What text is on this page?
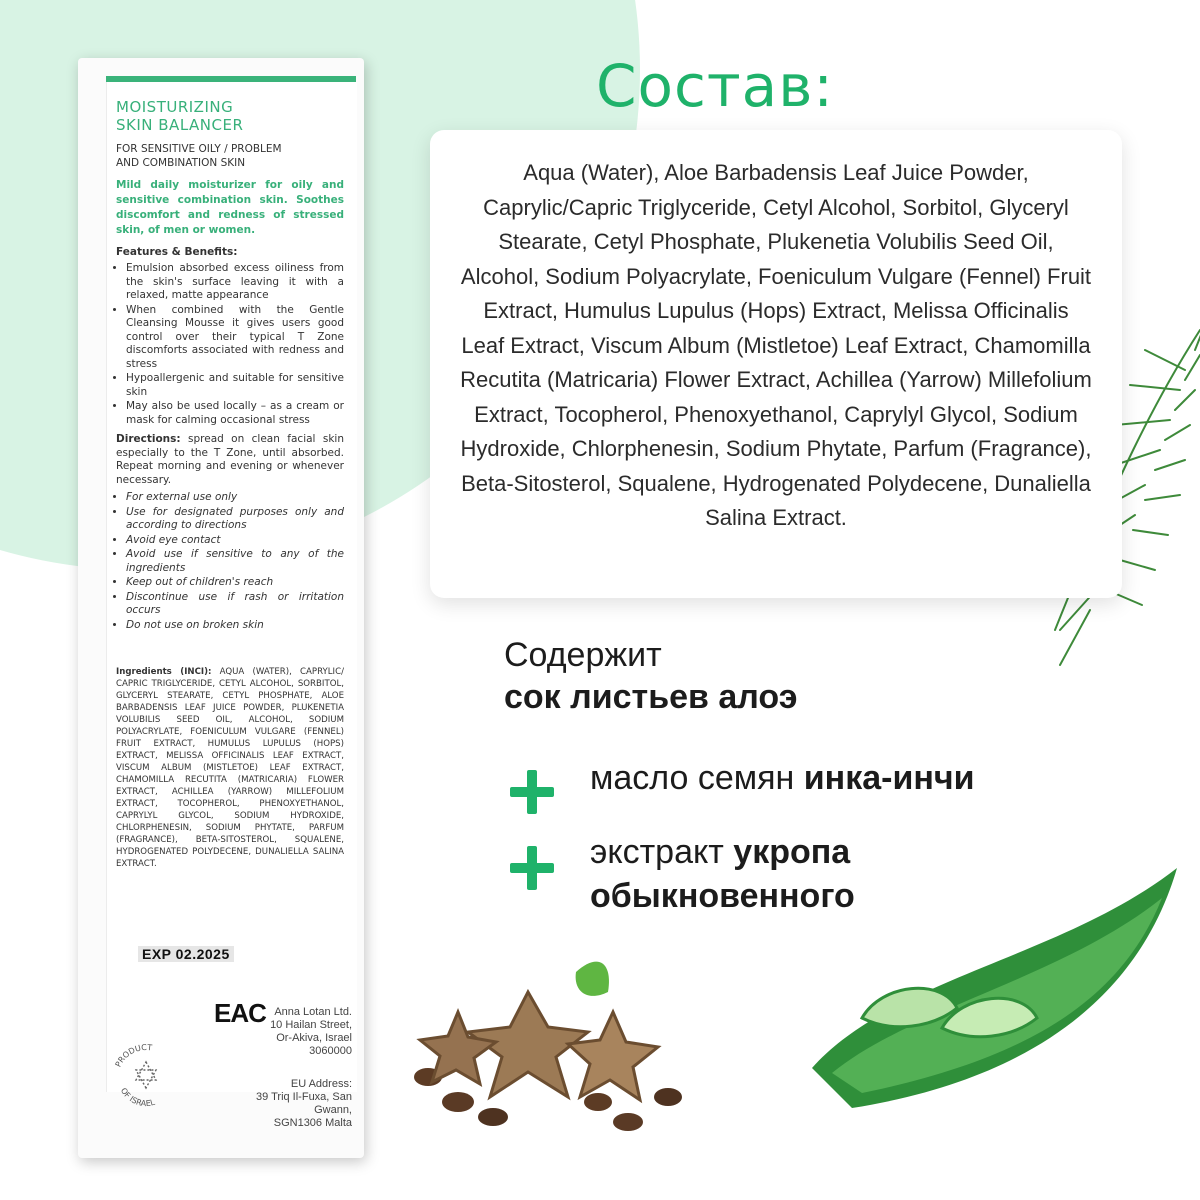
MOISTURIZING
SKIN BALANCER
FOR SENSITIVE OILY / PROBLEM
AND COMBINATION SKIN
Mild daily moisturizer for oily and sensitive combination skin. Soothes discomfort and redness of stressed skin, of men or women.
Features & Benefits:
• Emulsion absorbed excess oiliness from the skin's surface leaving it with a relaxed, matte appearance
• When combined with the Gentle Cleansing Mousse it gives users good control over their typical T Zone discomforts associated with redness and stress
• Hypoallergenic and suitable for sensitive skin
• May also be used locally – as a cream or mask for calming occasional stress
Directions: spread on clean facial skin especially to the T Zone, until absorbed. Repeat morning and evening or whenever necessary.
• For external use only
• Use for designated purposes only and according to directions
• Avoid eye contact
• Avoid use if sensitive to any of the ingredients
• Keep out of children's reach
• Discontinue use if rash or irritation occurs
• Do not use on broken skin
Ingredients (INCI): AQUA (WATER), CAPRYLIC/ CAPRIC TRIGLYCERIDE, CETYL ALCOHOL, SORBITOL, GLYCERYL STEARATE, CETYL PHOSPHATE, ALOE BARBADENSIS LEAF JUICE POWDER, PLUKENETIA VOLUBILIS SEED OIL, ALCOHOL, SODIUM POLYACRYLATE, FOENICULUM VULGARE (FENNEL) FRUIT EXTRACT, HUMULUS LUPULUS (HOPS) EXTRACT, MELISSA OFFICINALIS LEAF EXTRACT, VISCUM ALBUM (MISTLETOE) LEAF EXTRACT, CHAMOMILLA RECUTITA (MATRICARIA) FLOWER EXTRACT, ACHILLEA (YARROW) MILLEFOLIUM EXTRACT, TOCOPHEROL, PHENOXYETHANOL, CAPRYLYL GLYCOL, SODIUM HYDROXIDE, CHLORPHENESIN, SODIUM PHYTATE, PARFUM (FRAGRANCE), BETA-SITOSTEROL, SQUALENE, HYDROGENATED POLYDECENE, DUNALIELLA SALINA EXTRACT.
EXP 02.2025
EAC Anna Lotan Ltd.
10 Hailan Street,
Or-Akiva, Israel 3060000
EU Address:
39 Triq Il-Fuxa, San Gwann,
SGN1306 Malta
PRODUCT
OF ISRAEL
Состав:
Aqua (Water), Aloe Barbadensis Leaf Juice Powder, Caprylic/Capric Triglyceride, Cetyl Alcohol, Sorbitol, Glyceryl Stearate, Cetyl Phosphate, Plukenetia Volubilis Seed Oil, Alcohol, Sodium Polyacrylate, Foeniculum Vulgare (Fennel) Fruit Extract, Humulus Lupulus (Hops) Extract, Melissa Officinalis Leaf Extract, Viscum Album (Mistletoe) Leaf Extract, Chamomilla Recutita (Matricaria) Flower Extract, Achillea (Yarrow) Millefolium Extract, Tocopherol, Phenoxyethanol, Caprylyl Glycol, Sodium Hydroxide, Chlorphenesin, Sodium Phytate, Parfum (Fragrance), Beta-Sitosterol, Squalene, Hydrogenated Polydecene, Dunaliella Salina Extract.
Содержит
сок листьев алоэ
масло семян инка-инчи
экстракт укропа
обыкновенного
